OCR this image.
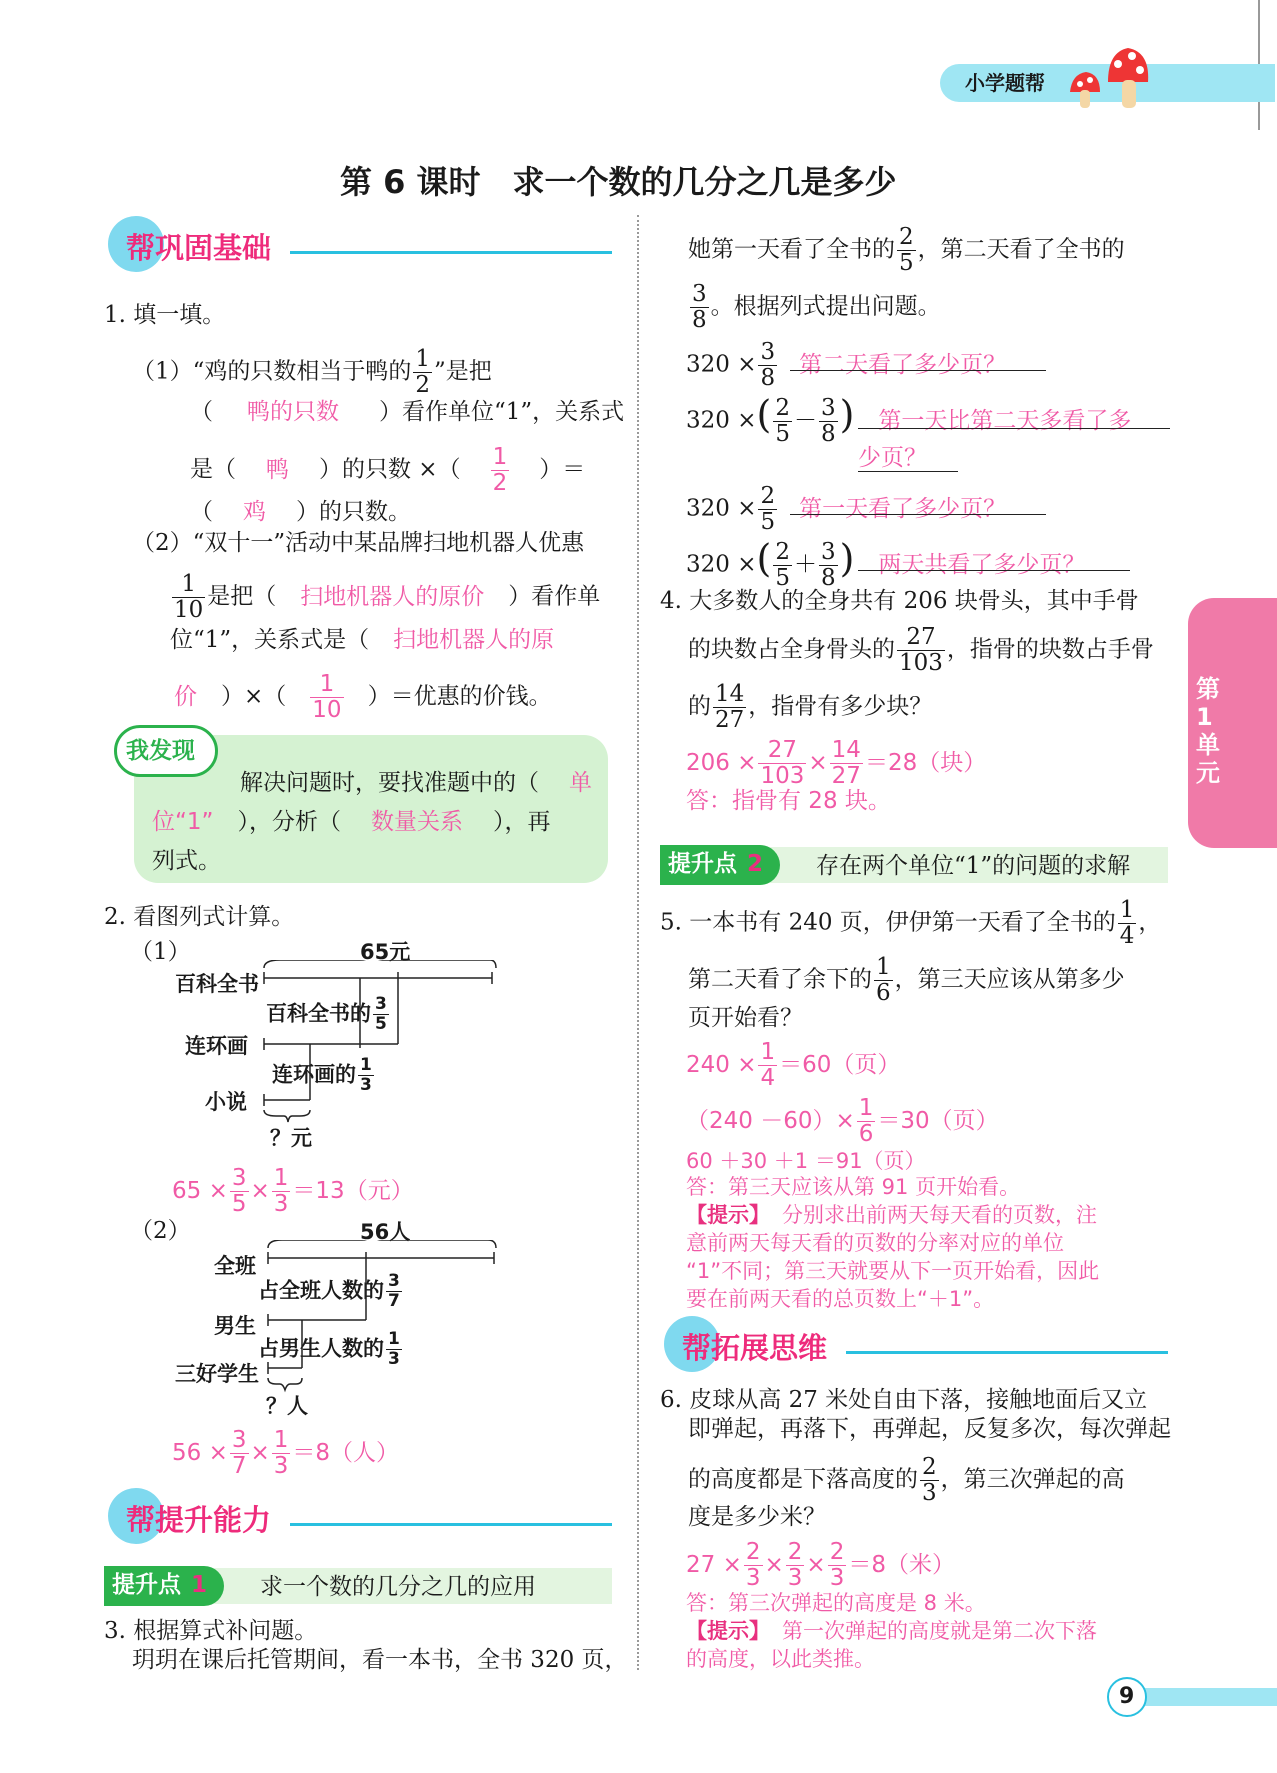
小学题帮
第1单元
第 6 课时　求一个数的几分之几是多少
帮巩固基础
1. 填一填。
（1）“鸡的只数相当于鸭的 $\frac{1}{2}$ ”是把
（ 鸭的只数 ）看作单位“1”，关系式
是（ 鸭 ）的只数 ×（ $\frac{1}{2}$ ）＝
（ 鸡 ）的只数。
（2）“双十一”活动中某品牌扫地机器人优惠
$\frac{1}{10}$ 是把（ 扫地机器人的原价 ）看作单
位“1”，关系式是（ 扫地机器人的原
价 ）×（ $\frac{1}{10}$ ）＝优惠的价钱。
我发现
解决问题时，要找准题中的（ 单
位“1” ），分析（ 数量关系 ），再
列式。
2. 看图列式计算。
（1）	65元
百科全书
连环画
小说
百科全书的 $\frac{3}{5}$
连环画的 $\frac{1}{3}$
？元
$65 \times \frac{3}{5} \times \frac{1}{3} =13$（元）
（2）	56人
全班
男生
三好学生
占全班人数的 $\frac{3}{7}$
占男生人数的 $\frac{1}{3}$
？人
$56 \times \frac{3}{7} \times \frac{1}{3} =8$（人）
帮提升能力
提升点 1 求一个数的几分之几的应用
3. 根据算式补问题。
玥玥在课后托管期间，看一本书，全书 320 页，
她第一天看了全书的 $\frac{2}{5}$ ，第二天看了全书的
$\frac{3}{8}$ 。根据列式提出问题。
$320 \times \frac{3}{8}$ 第二天看了多少页？
320 ×( $\frac{2}{5} - \frac{3}{8}$ ) 第一天比第二天多看了多
少页？
$320 \times \frac{2}{5}$ 第一天看了多少页？
320 ×( $\frac{2}{5} + \frac{3}{8}$ ) 两天共看了多少页？
4. 大多数人的全身共有 206 块骨头，其中手骨
的块数占全身骨头的 $\frac{27}{103}$ ，指骨的块数占手骨
的 $\frac{14}{27}$ ，指骨有多少块？
$206 \times \frac{27}{103} \times \frac{14}{27} =28$（块）
答：指骨有 28 块。
提升点 2 存在两个单位“1”的问题的求解
5. 一本书有 240 页，伊伊第一天看了全书的 $\frac{1}{4}$ ，
第二天看了余下的 $\frac{1}{6}$ ，第三天应该从第多少
页开始看？
$240 \times \frac{1}{4} =60$（页）
$(240 -60)\times \frac{1}{6} =30$（页）
60 ＋30 ＋1 ＝91（页）
答：第三天应该从第 91 页开始看。
【提示】 分别求出前两天每天看的页数，注
意前两天每天看的页数的分率对应的单位
“1”不同；第三天就要从下一页开始看，因此
要在前两天看的总页数上“＋1”。
帮拓展思维
6. 皮球从高 27 米处自由下落，接触地面后又立
即弹起，再落下，再弹起，反复多次，每次弹起
的高度都是下落高度的 $\frac{2}{3}$ ，第三次弹起的高
度是多少米？
$27 \times \frac{2}{3} \times \frac{2}{3} \times \frac{2}{3} =8$（米）
答：第三次弹起的高度是 8 米。
【提示】 第一次弹起的高度就是第二次下落
的高度，以此类推。
9
